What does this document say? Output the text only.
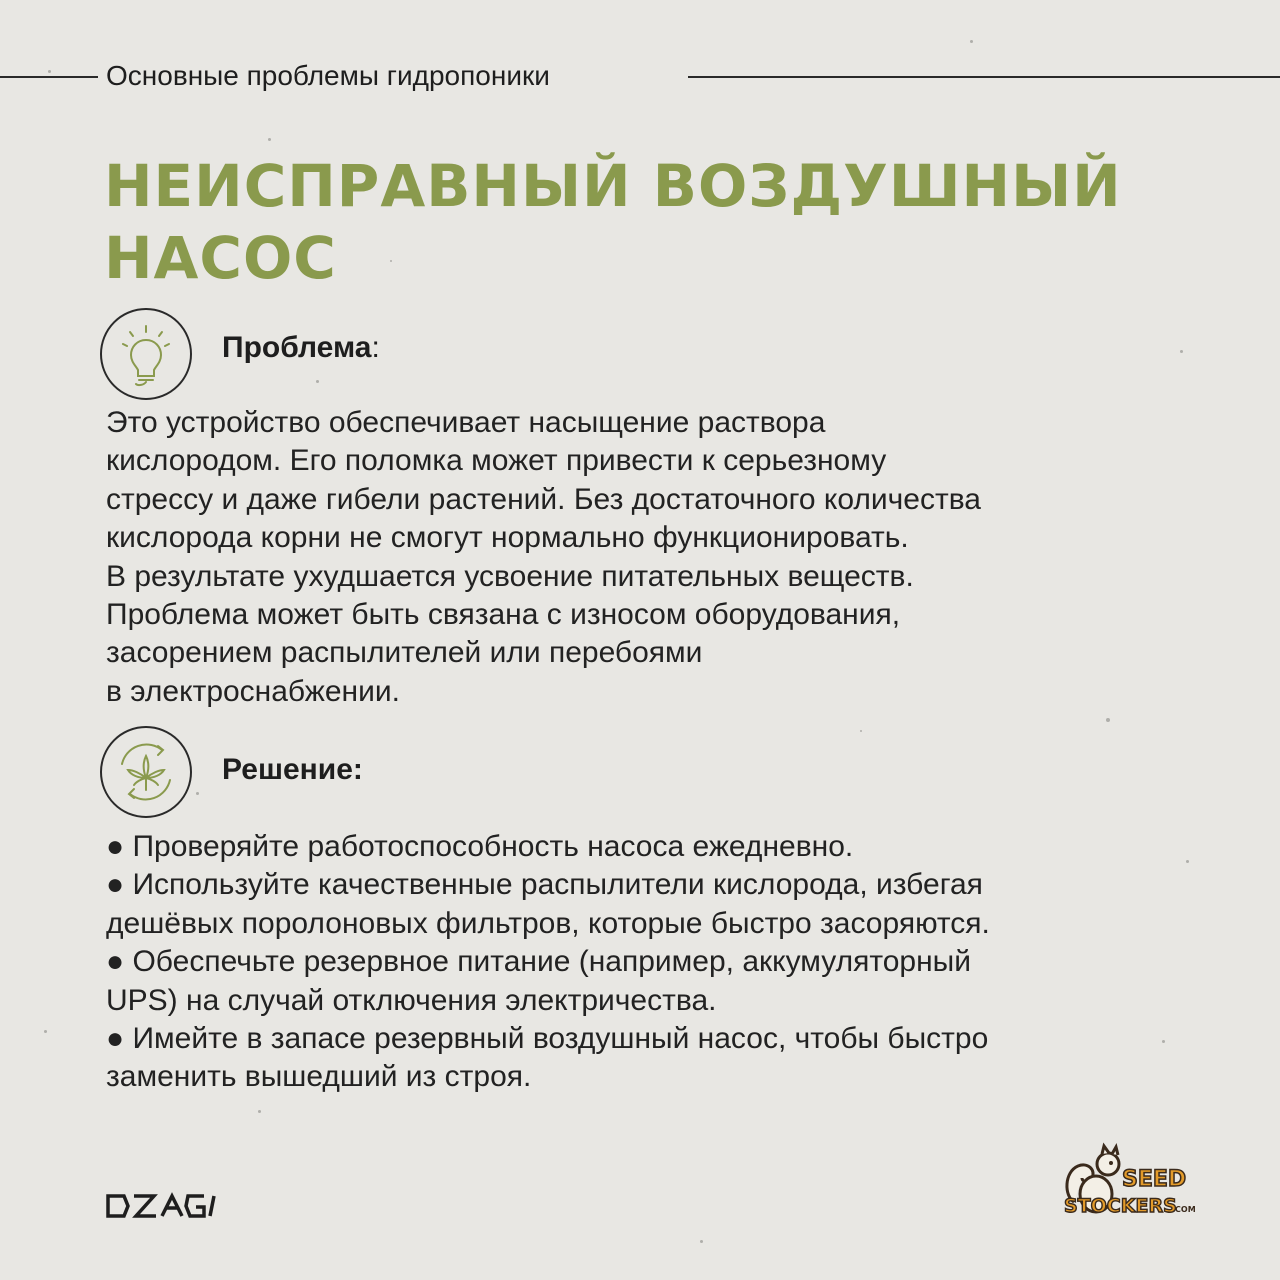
Основные проблемы гидропоники
НЕИСПРАВНЫЙ ВОЗДУШНЫЙ
НАСОС
Проблема:
Это устройство обеспечивает насыщение раствора
кислородом. Его поломка может привести к серьезному
стрессу и даже гибели растений. Без достаточного количества
кислорода корни не смогут нормально функционировать.
В результате ухудшается усвоение питательных веществ.
Проблема может быть связана с износом оборудования,
засорением распылителей или перебоями
в электроснабжении.
Решение:
● Проверяйте работоспособность насоса ежедневно.
● Используйте качественные распылители кислорода, избегая
дешёвых поролоновых фильтров, которые быстро засоряются.
● Обеспечьте резервное питание (например, аккумуляторный
UPS) на случай отключения электричества.
● Имейте в запасе резервный воздушный насос, чтобы быстро
заменить вышедший из строя.
SEED
STOCKERS
.COM
